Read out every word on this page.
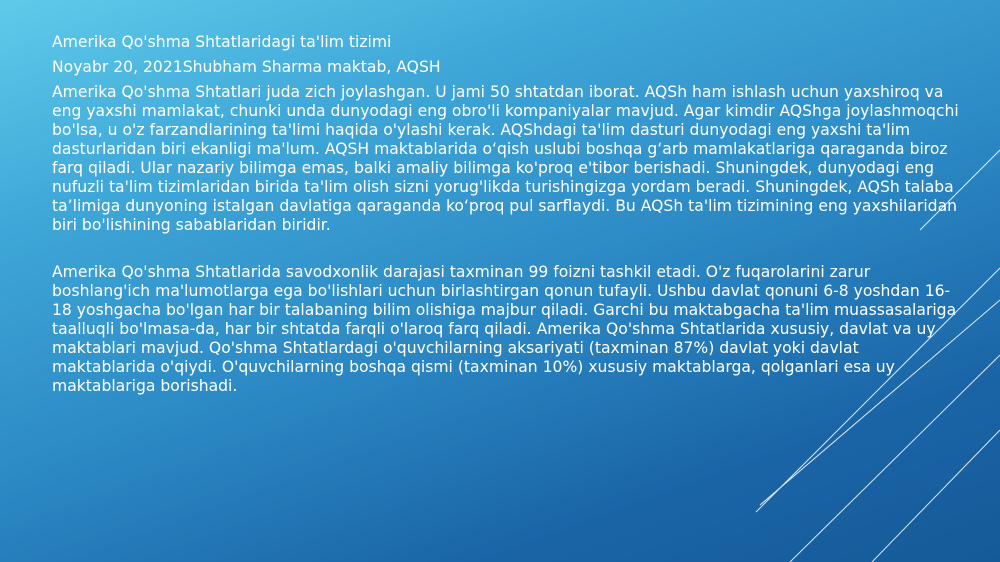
Amerika Qo'shma Shtatlaridagi ta'lim tizimi

Noyabr 20, 2021Shubham Sharma maktab, AQSH

Amerika Qo'shma Shtatlari juda zich joylashgan. U jami 50 shtatdan iborat. AQSh ham ishlash uchun yaxshiroq va eng yaxshi mamlakat, chunki unda dunyodagi eng obro'li kompaniyalar mavjud. Agar kimdir AQShga joylashmoqchi bo'lsa, u o'z farzandlarining ta'limi haqida o'ylashi kerak. AQShdagi ta'lim dasturi dunyodagi eng yaxshi ta'lim dasturlaridan biri ekanligi ma'lum. AQSH maktablarida o‘qish uslubi boshqa g‘arb mamlakatlariga qaraganda biroz farq qiladi. Ular nazariy bilimga emas, balki amaliy bilimga ko'proq e'tibor berishadi. Shuningdek, dunyodagi eng nufuzli ta'lim tizimlaridan birida ta'lim olish sizni yorug'likda turishingizga yordam beradi. Shuningdek, AQSh talaba ta’limiga dunyoning istalgan davlatiga qaraganda ko‘proq pul sarflaydi. Bu AQSh ta'lim tizimining eng yaxshilaridan biri bo'lishining sabablaridan biridir.

Amerika Qo'shma Shtatlarida savodxonlik darajasi taxminan 99 foizni tashkil etadi. O'z fuqarolarini zarur boshlang'ich ma'lumotlarga ega bo'lishlari uchun birlashtirgan qonun tufayli. Ushbu davlat qonuni 6-8 yoshdan 16-18 yoshgacha bo'lgan har bir talabaning bilim olishiga majbur qiladi. Garchi bu maktabgacha ta'lim muassasalariga taalluqli bo'lmasa-da, har bir shtatda farqli o'laroq farq qiladi. Amerika Qo'shma Shtatlarida xususiy, davlat va uy maktablari mavjud. Qo'shma Shtatlardagi o'quvchilarning aksariyati (taxminan 87%) davlat yoki davlat maktablarida o'qiydi. O'quvchilarning boshqa qismi (taxminan 10%) xususiy maktablarga, qolganlari esa uy maktablariga borishadi.
